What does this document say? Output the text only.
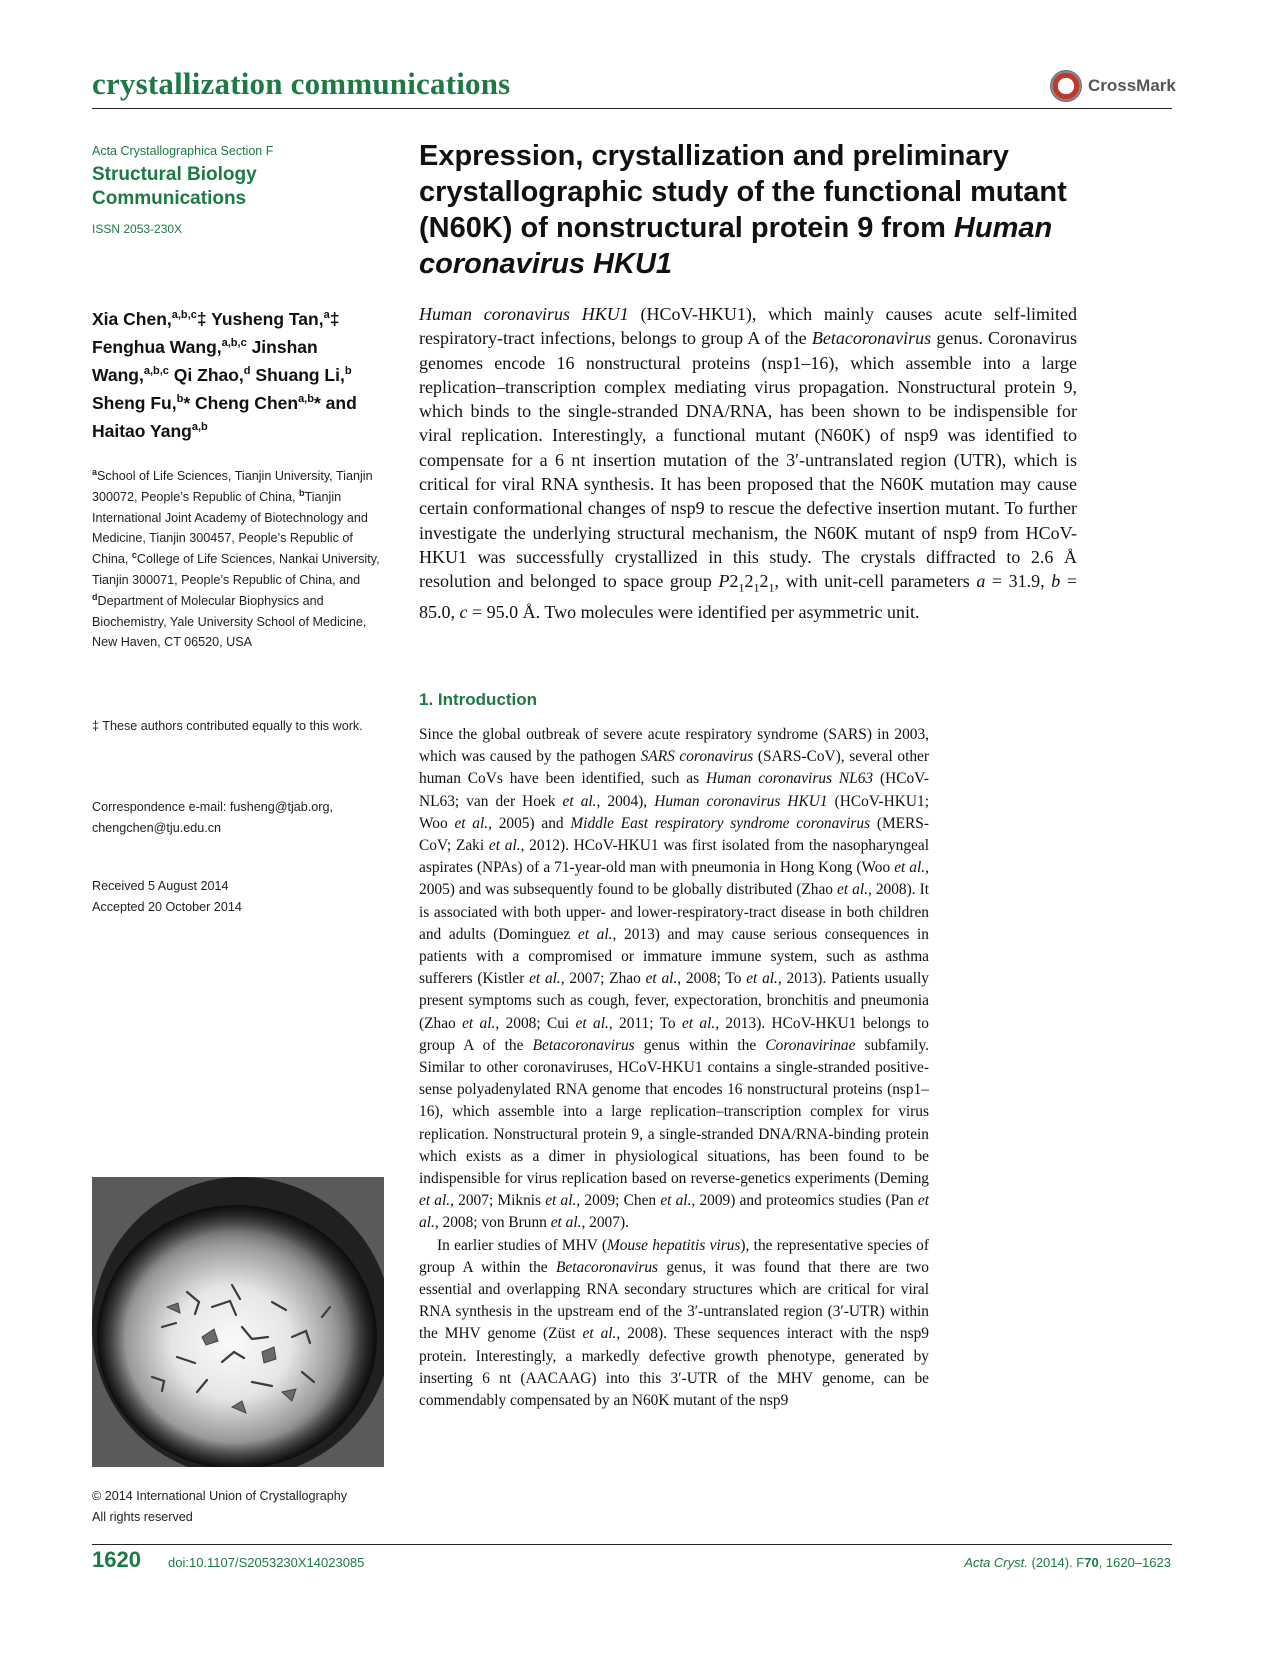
crystallization communications	CrossMark
Acta Crystallographica Section F
Structural Biology
Communications
ISSN 2053-230X
Xia Chen,$^{a,b,c}$‡ Yusheng Tan,$^a$‡ Fenghua Wang,$^{a,b,c}$ Jinshan Wang,$^{a,b,c}$ Qi Zhao,$^d$ Shuang Li,$^b$ Sheng Fu,$^b$* Cheng Chen$^{a,b}$* and Haitao Yang$^{a,b}$
$^a$School of Life Sciences, Tianjin University, Tianjin 300072, People’s Republic of China, $^b$Tianjin International Joint Academy of Biotechnology and Medicine, Tianjin 300457, People’s Republic of China, $^c$College of Life Sciences, Nankai University, Tianjin 300071, People’s Republic of China, and $^d$Department of Molecular Biophysics and Biochemistry, Yale University School of Medicine, New Haven, CT 06520, USA
‡ These authors contributed equally to this work.
Correspondence e-mail: fusheng@tjab.org,
chengchen@tju.edu.cn
Received 5 August 2014
Accepted 20 October 2014
© 2014 International Union of Crystallography
All rights reserved
Expression, crystallization and preliminary crystallographic study of the functional mutant (N60K) of nonstructural protein 9 from Human coronavirus HKU1

Human coronavirus HKU1 (HCoV-HKU1), which mainly causes acute self-limited respiratory-tract infections, belongs to group A of the Betacoronavirus genus. Coronavirus genomes encode 16 nonstructural proteins (nsp1–16), which assemble into a large replication–transcription complex mediating virus propagation. Nonstructural protein 9, which binds to the single-stranded DNA/RNA, has been shown to be indispensible for viral replication. Interestingly, a functional mutant (N60K) of nsp9 was identified to compensate for a 6 nt insertion mutation of the 3′-untranslated region (UTR), which is critical for viral RNA synthesis. It has been proposed that the N60K mutation may cause certain conformational changes of nsp9 to rescue the defective insertion mutant. To further investigate the underlying structural mechanism, the N60K mutant of nsp9 from HCoV-HKU1 was successfully crystallized in this study. The crystals diffracted to 2.6 Å resolution and belonged to space group $P2_12_12_1$, with unit-cell parameters a = 31.9, b = 85.0, c = 95.0 Å. Two molecules were identified per asymmetric unit.

1. Introduction

Since the global outbreak of severe acute respiratory syndrome (SARS) in 2003, which was caused by the pathogen SARS coronavirus (SARS-CoV), several other human CoVs have been identified, such as Human coronavirus NL63 (HCoV-NL63; van der Hoek et al., 2004), Human coronavirus HKU1 (HCoV-HKU1; Woo et al., 2005) and Middle East respiratory syndrome coronavirus (MERS-CoV; Zaki et al., 2012). HCoV-HKU1 was first isolated from the nasopharyngeal aspirates (NPAs) of a 71-year-old man with pneumonia in Hong Kong (Woo et al., 2005) and was subsequently found to be globally distributed (Zhao et al., 2008). It is associated with both upper- and lower-respiratory-tract disease in both children and adults (Dominguez et al., 2013) and may cause serious consequences in patients with a compromised or immature immune system, such as asthma sufferers (Kistler et al., 2007; Zhao et al., 2008; To et al., 2013). Patients usually present symptoms such as cough, fever, expectoration, bronchitis and pneumonia (Zhao et al., 2008; Cui et al., 2011; To et al., 2013). HCoV-HKU1 belongs to group A of the Betacoronavirus genus within the Coronavirinae subfamily. Similar to other coronaviruses, HCoV-HKU1 contains a single-stranded positive-sense polyadenylated RNA genome that encodes 16 nonstructural proteins (nsp1–16), which assemble into a large replication–transcription complex for virus replication. Nonstructural protein 9, a single-stranded DNA/RNA-binding protein which exists as a dimer in physiological situations, has been found to be indispensible for virus replication based on reverse-genetics experiments (Deming et al., 2007; Miknis et al., 2009; Chen et al., 2009) and proteomics studies (Pan et al., 2008; von Brunn et al., 2007).

In earlier studies of MHV (Mouse hepatitis virus), the representative species of group A within the Betacoronavirus genus, it was found that there are two essential and overlapping RNA secondary structures which are critical for viral RNA synthesis in the upstream end of the 3′-untranslated region (3′-UTR) within the MHV genome (Züst et al., 2008). These sequences interact with the nsp9 protein. Interestingly, a markedly defective growth phenotype, generated by inserting 6 nt (AACAAG) into this 3′-UTR of the MHV genome, can be commendably compensated by an N60K mutant of the nsp9

1620 doi:10.1107/S2053230X14023085	Acta Cryst. (2014). F70, 1620–1623
